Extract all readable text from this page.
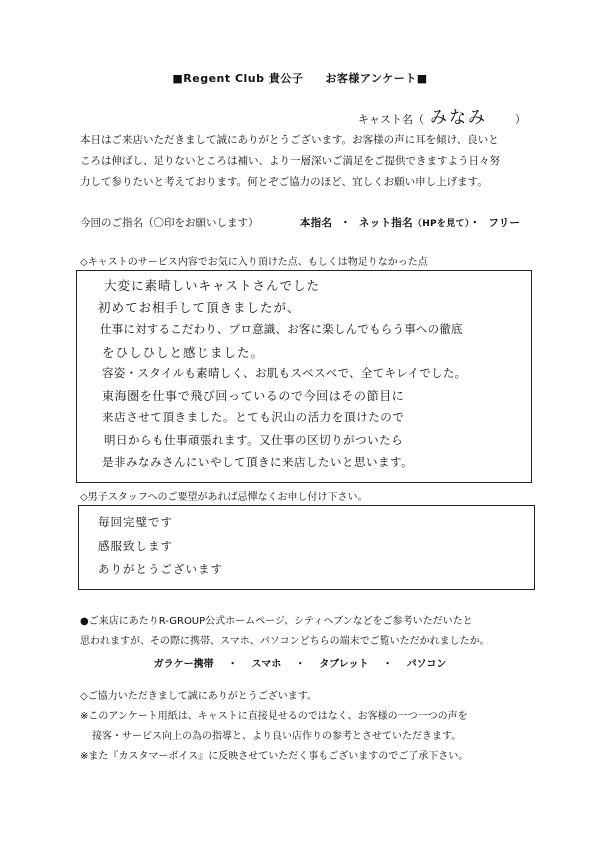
■Regent Club 貴公子 お客様アンケート■
キャスト名（ みなみ	）
本日はご来店いただきまして誠にありがとうございます。お客様の声に耳を傾け、良いと
ころは伸ばし、足りないところは補い、より一層深いご満足をご提供できますよう日々努
力して参りたいと考えております。何とぞご協力のほど、宜しくお願い申し上げます。
今回のご指名（〇印をお願いします）	本指名 ・ ネット指名（HPを見て）・ フリー
◇キャストのサービス内容でお気に入り頂けた点、もしくは物足りなかった点
大変に素晴しいキャストさんでした
初めてお相手して頂きましたが、
仕事に対するこだわり、プロ意識、お客に楽しんでもらう事への徹底
をひしひしと感じました。
容姿・スタイルも素晴しく、お肌もスベスベで、全てキレイでした。
東海圏を仕事で飛び回っているので今回はその節目に
来店させて頂きました。とても沢山の活力を頂けたので
明日からも仕事頑張れます。又仕事の区切りがついたら
是非みなみさんにいやして頂きに来店したいと思います。
◇男子スタッフへのご要望があれば忌憚なくお申し付け下さい。
毎回完璧です
感服致します
ありがとうございます
●ご来店にあたりR-GROUP公式ホームページ、シティヘブンなどをご参考いただいたと
思われますが、その際に携帯、スマホ、パソコンどちらの端末でご覧いただかれましたか。
ガラケー携帯 ・ スマホ ・ タブレット ・ パソコン
◇ご協力いただきまして誠にありがとうございます。
※このアンケート用紙は、キャストに直接見せるのではなく、お客様の一つ一つの声を
接客・サービス向上の為の指導と、より良い店作りの参考とさせていただきます。
※また『カスタマーボイス』に反映させていただく事もございますのでご了承下さい。
